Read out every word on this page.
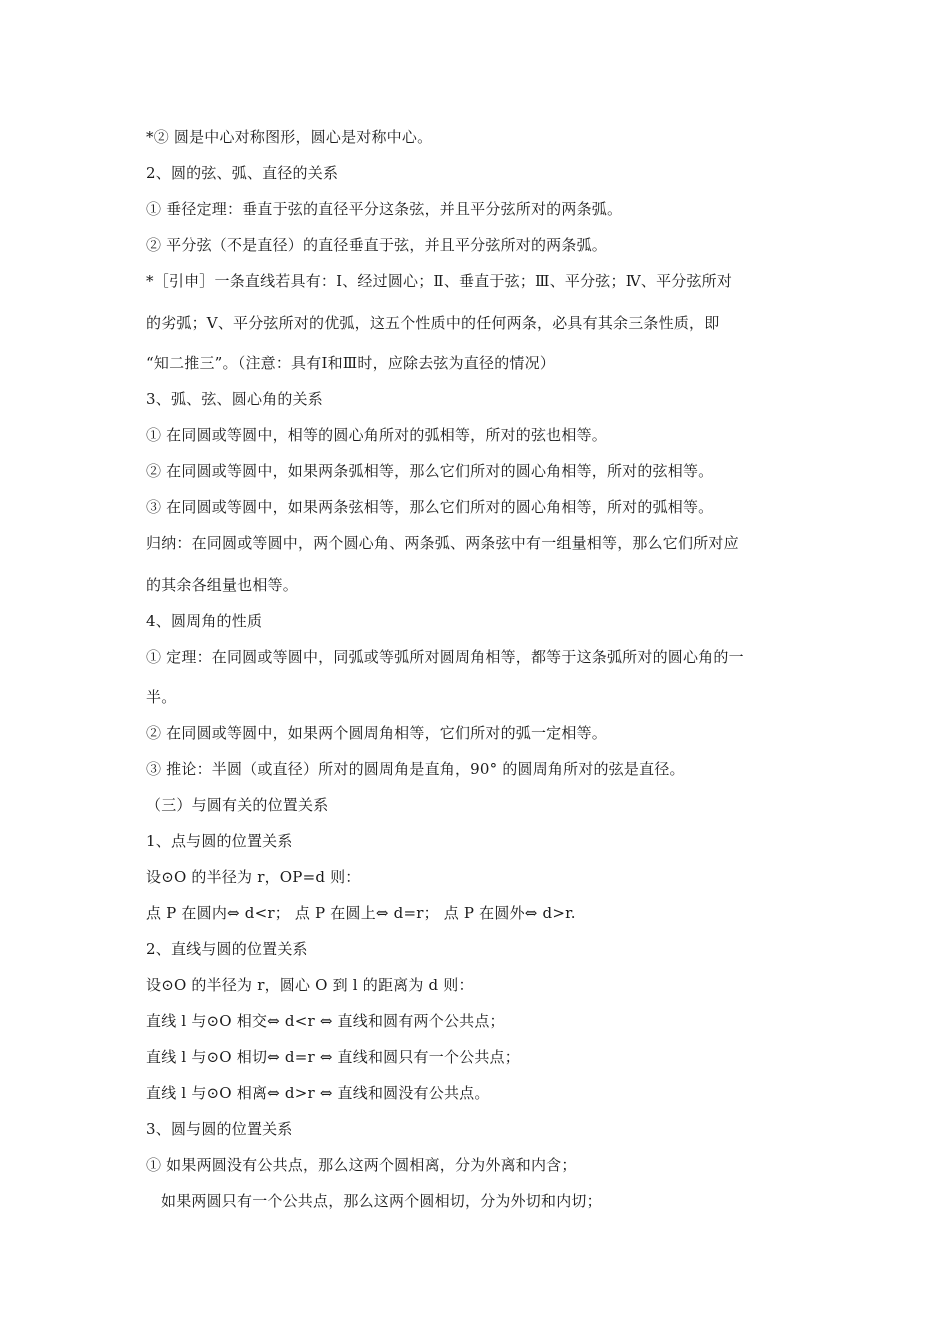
*② 圆是中心对称图形，圆心是对称中心。
2、圆的弦、弧、直径的关系
① 垂径定理：垂直于弦的直径平分这条弦，并且平分弦所对的两条弧。
② 平分弦（不是直径）的直径垂直于弦，并且平分弦所对的两条弧。
*［引申］一条直线若具有：Ⅰ、经过圆心；Ⅱ、垂直于弦；Ⅲ、平分弦；Ⅳ、平分弦所对
的劣弧；Ⅴ、平分弦所对的优弧，这五个性质中的任何两条，必具有其余三条性质，即
“知二推三”。（注意：具有Ⅰ和Ⅲ时，应除去弦为直径的情况）
3、弧、弦、圆心角的关系
① 在同圆或等圆中，相等的圆心角所对的弧相等，所对的弦也相等。
② 在同圆或等圆中，如果两条弧相等，那么它们所对的圆心角相等，所对的弦相等。
③ 在同圆或等圆中，如果两条弦相等，那么它们所对的圆心角相等，所对的弧相等。
归纳：在同圆或等圆中，两个圆心角、两条弧、两条弦中有一组量相等，那么它们所对应
的其余各组量也相等。
4、圆周角的性质
① 定理：在同圆或等圆中，同弧或等弧所对圆周角相等，都等于这条弧所对的圆心角的一
半。
② 在同圆或等圆中，如果两个圆周角相等，它们所对的弧一定相等。
③ 推论：半圆（或直径）所对的圆周角是直角，90° 的圆周角所对的弦是直径。
（三）与圆有关的位置关系
1、点与圆的位置关系
设⊙O 的半径为 r，OP=d 则：
点 P 在圆内⇔ d<r； 点 P 在圆上⇔ d=r； 点 P 在圆外⇔ d>r.
2、直线与圆的位置关系
设⊙O 的半径为 r，圆心 O 到 l 的距离为 d 则：
直线 l 与⊙O 相交⇔ d<r ⇔ 直线和圆有两个公共点；
直线 l 与⊙O 相切⇔ d=r ⇔ 直线和圆只有一个公共点；
直线 l 与⊙O 相离⇔ d>r ⇔ 直线和圆没有公共点。
3、圆与圆的位置关系
① 如果两圆没有公共点，那么这两个圆相离，分为外离和内含；
如果两圆只有一个公共点，那么这两个圆相切，分为外切和内切；
